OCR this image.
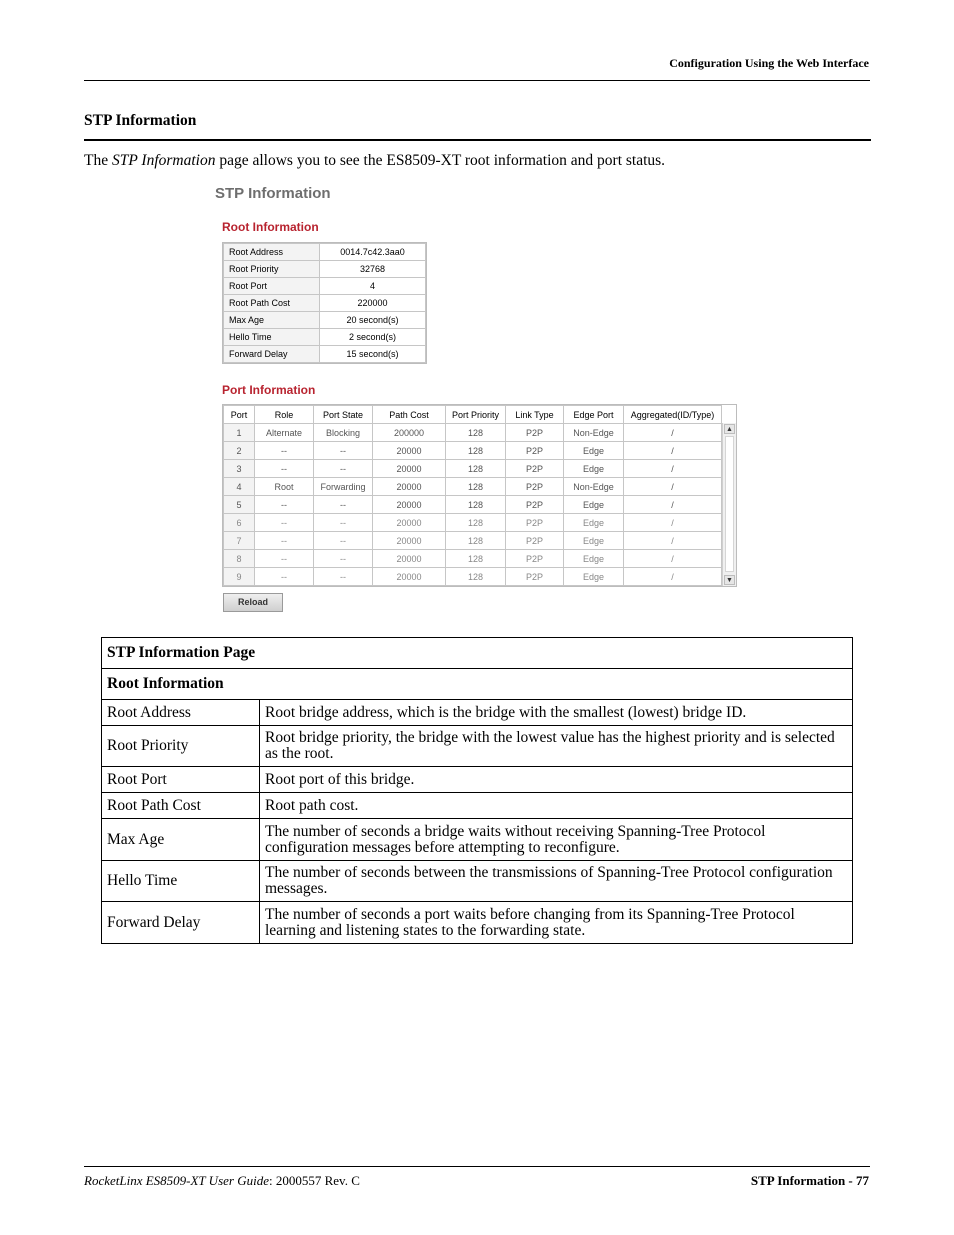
Configuration Using the Web Interface
STP Information
The STP Information page allows you to see the ES8509-XT root information and port status.
STP Information
Root Information
Root Address	0014.7c42.3aa0
Root Priority	32768
Root Port	4
Root Path Cost	220000
Max Age	20 second(s)
Hello Time	2 second(s)
Forward Delay	15 second(s)
Port Information
Port	Role	Port State	Path Cost	Port Priority	Link Type	Edge Port	Aggregated(ID/Type)
1	Alternate	Blocking	200000	128	P2P	Non-Edge	/
2	--	--	20000	128	P2P	Edge	/
3	--	--	20000	128	P2P	Edge	/
4	Root	Forwarding	20000	128	P2P	Non-Edge	/
5	--	--	20000	128	P2P	Edge	/
6	--	--	20000	128	P2P	Edge	/
7	--	--	20000	128	P2P	Edge	/
8	--	--	20000	128	P2P	Edge	/
9	--	--	20000	128	P2P	Edge	/
▲
▼
Reload
STP Information Page	
Root Information	
Root Address	Root bridge address, which is the bridge with the smallest (lowest) bridge ID.
Root Priority	Root bridge priority, the bridge with the lowest value has the highest priority and is selected as the root.
Root Port	Root port of this bridge.
Root Path Cost	Root path cost.
Max Age	The number of seconds a bridge waits without receiving Spanning-Tree Protocol configuration messages before attempting to reconfigure.
Hello Time	The number of seconds between the transmissions of Spanning-Tree Protocol configuration messages.
Forward Delay	The number of seconds a port waits before changing from its Spanning-Tree Protocol learning and listening states to the forwarding state.
RocketLinx ES8509-XT User Guide: 2000557 Rev. C	STP Information - 77
